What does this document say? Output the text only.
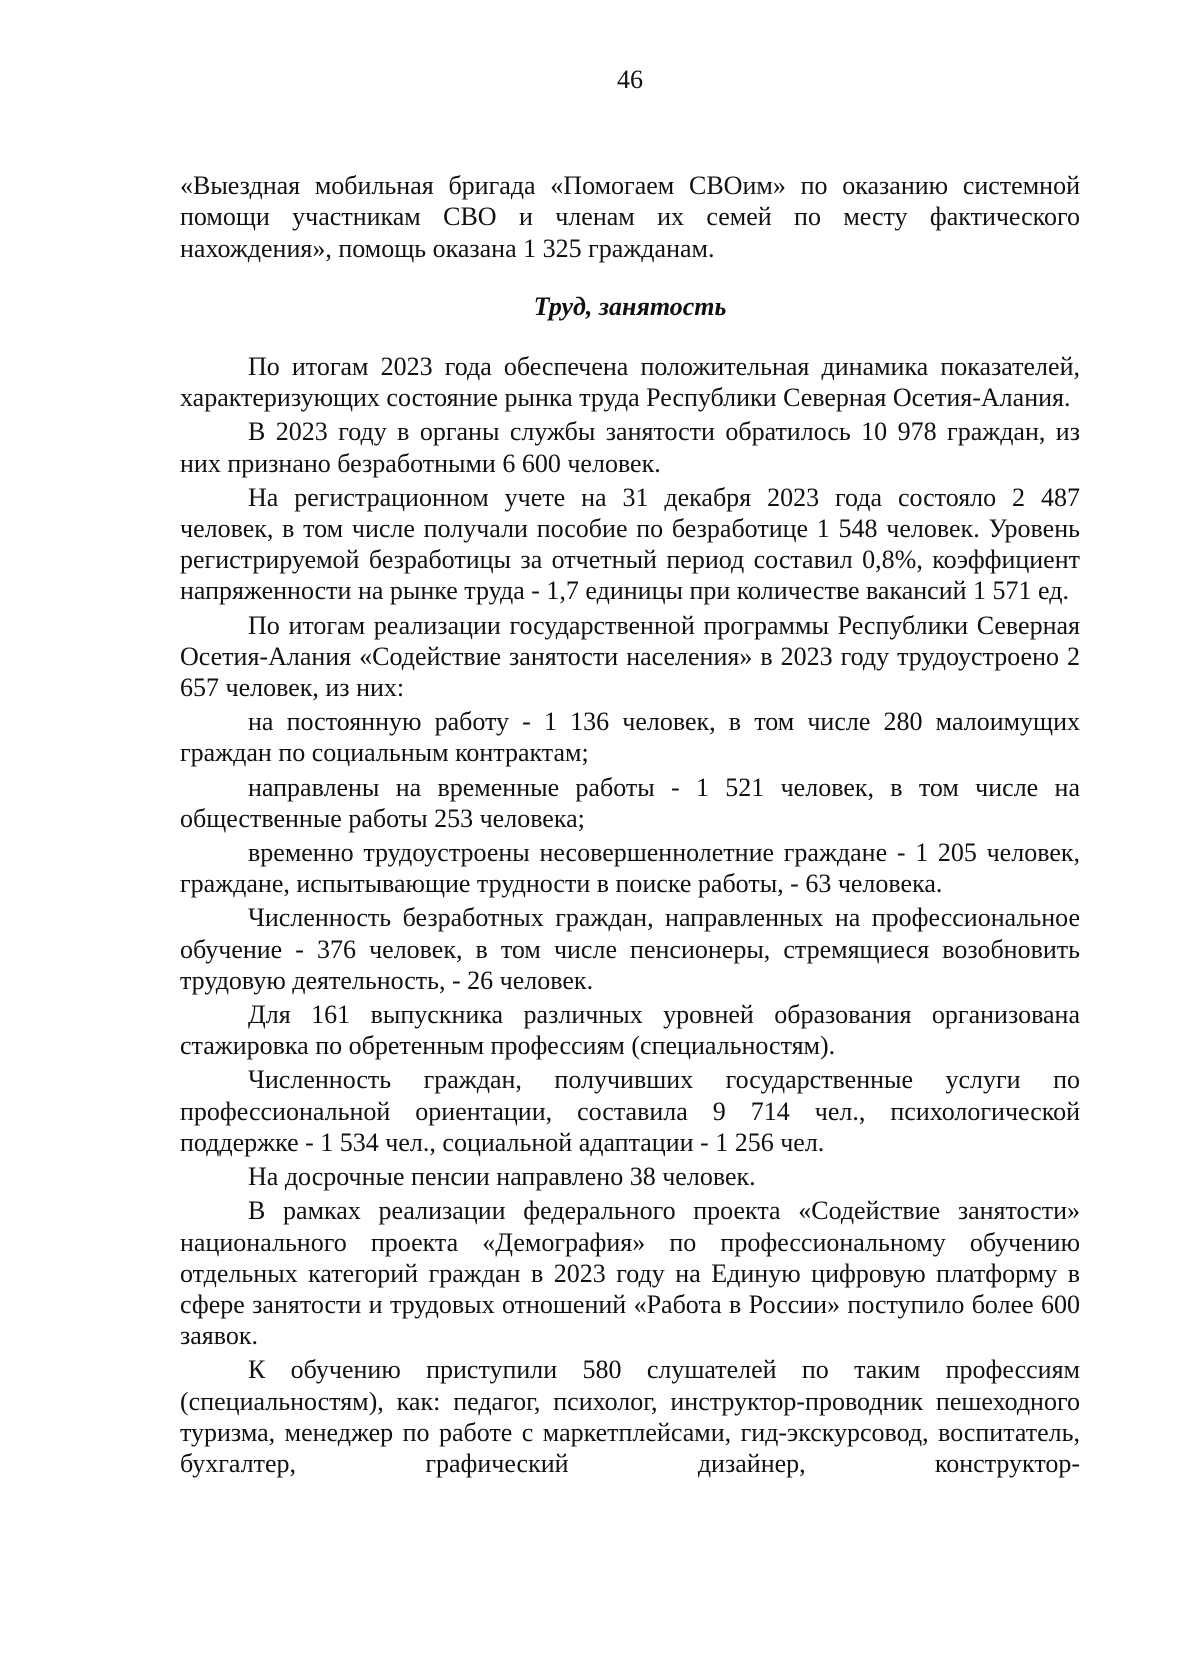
46

«Выездная мобильная бригада «Помогаем СВОим» по оказанию системной помощи участникам СВО и членам их семей по месту фактического нахождения», помощь оказана 1 325 гражданам.

Труд, занятость

По итогам 2023 года обеспечена положительная динамика показателей, характеризующих состояние рынка труда Республики Северная Осетия-Алания.

В 2023 году в органы службы занятости обратилось 10 978 граждан, из них признано безработными 6 600 человек.

На регистрационном учете на 31 декабря 2023 года состояло 2 487 человек, в том числе получали пособие по безработице 1 548 человек. Уровень регистрируемой безработицы за отчетный период составил 0,8%, коэффициент напряженности на рынке труда - 1,7 единицы при количестве вакансий 1 571 ед.

По итогам реализации государственной программы Республики Северная Осетия-Алания «Содействие занятости населения» в 2023 году трудоустроено 2 657 человек, из них:

на постоянную работу - 1 136 человек, в том числе 280 малоимущих граждан по социальным контрактам;

направлены на временные работы - 1 521 человек, в том числе на общественные работы 253 человека;

временно трудоустроены несовершеннолетние граждане - 1 205 человек, граждане, испытывающие трудности в поиске работы, - 63 человека.

Численность безработных граждан, направленных на профессиональное обучение - 376 человек, в том числе пенсионеры, стремящиеся возобновить трудовую деятельность, - 26 человек.

Для 161 выпускника различных уровней образования организована стажировка по обретенным профессиям (специальностям).

Численность граждан, получивших государственные услуги по профессиональной ориентации, составила 9 714 чел., психологической поддержке - 1 534 чел., социальной адаптации - 1 256 чел.

На досрочные пенсии направлено 38 человек.

В рамках реализации федерального проекта «Содействие занятости» национального проекта «Демография» по профессиональному обучению отдельных категорий граждан в 2023 году на Единую цифровую платформу в сфере занятости и трудовых отношений «Работа в России» поступило более 600 заявок.

К обучению приступили 580 слушателей по таким профессиям (специальностям), как: педагог, психолог, инструктор-проводник пешеходного туризма, менеджер по работе с маркетплейсами, гид-экскурсовод, воспитатель, бухгалтер, графический дизайнер, конструктор-
